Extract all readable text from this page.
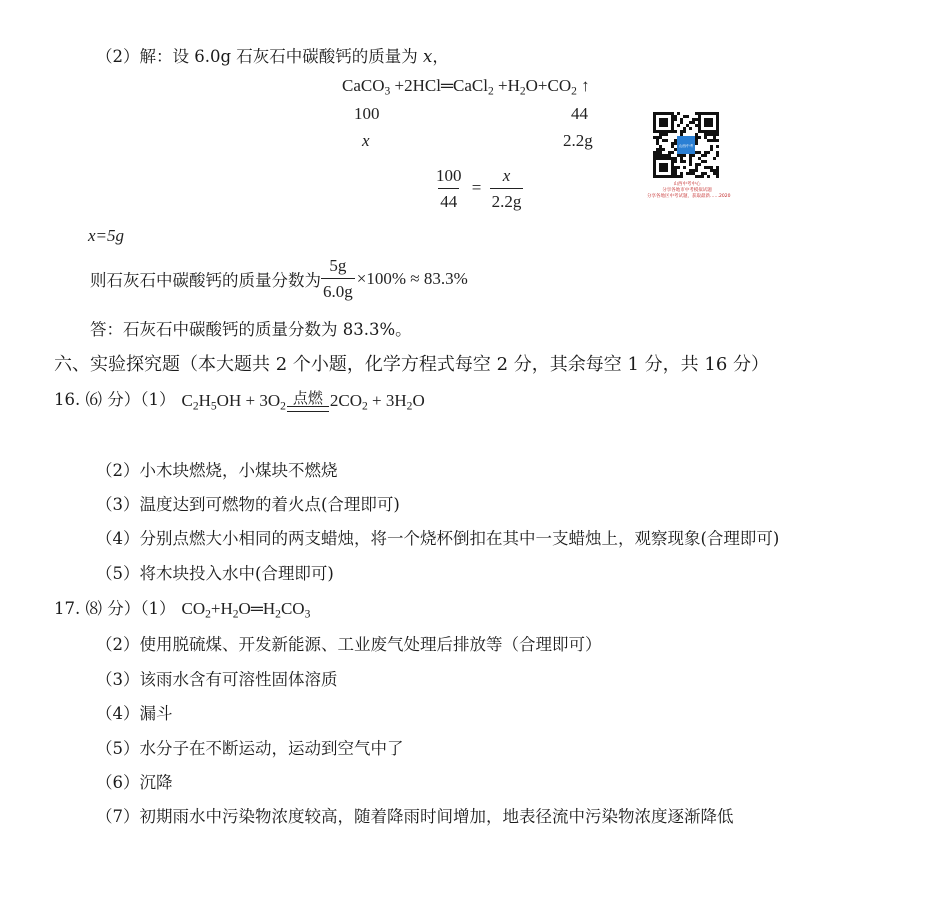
（2）解：设 6.0g 石灰石中碳酸钙的质量为 x，
CaCO$_3$ +2HCl═CaCl$_2$ $+H_2O+CO_2$ ↑
100	44
x	2.2g
$\frac{100}{44} = \frac{x}{2.2g}$
山西中考
山西中考中心
分享各地市中考模拟试题
分享各地区中考试题，获取最新……2020
x=5g
则石灰石中碳酸钙的质量分数为 $\frac{5g}{6.0g} \times 100\% \approx 83.3\%$
答：石灰石中碳酸钙的质量分数为 83.3%。
六、实验探究题（本大题共 2 个小题，化学方程式每空 2 分，其余每空 1 分，共 16 分）
16. ⑹ 分）（1） $C_2H_5OH + 3O_2$ 点燃 $2CO_2 + 3H_2O$
（2）小木块燃烧，小煤块不燃烧
（3）温度达到可燃物的着火点(合理即可)
（4）分别点燃大小相同的两支蜡烛，将一个烧杯倒扣在其中一支蜡烛上，观察现象(合理即可)
（5）将木块投入水中(合理即可)
17. ⑻ 分）（1） $CO_2+H_2O═H_2CO_3$
（2）使用脱硫煤、开发新能源、工业废气处理后排放等（合理即可）
（3）该雨水含有可溶性固体溶质
（4）漏斗
（5）水分子在不断运动，运动到空气中了
（6）沉降
（7）初期雨水中污染物浓度较高，随着降雨时间增加，地表径流中污染物浓度逐渐降低
